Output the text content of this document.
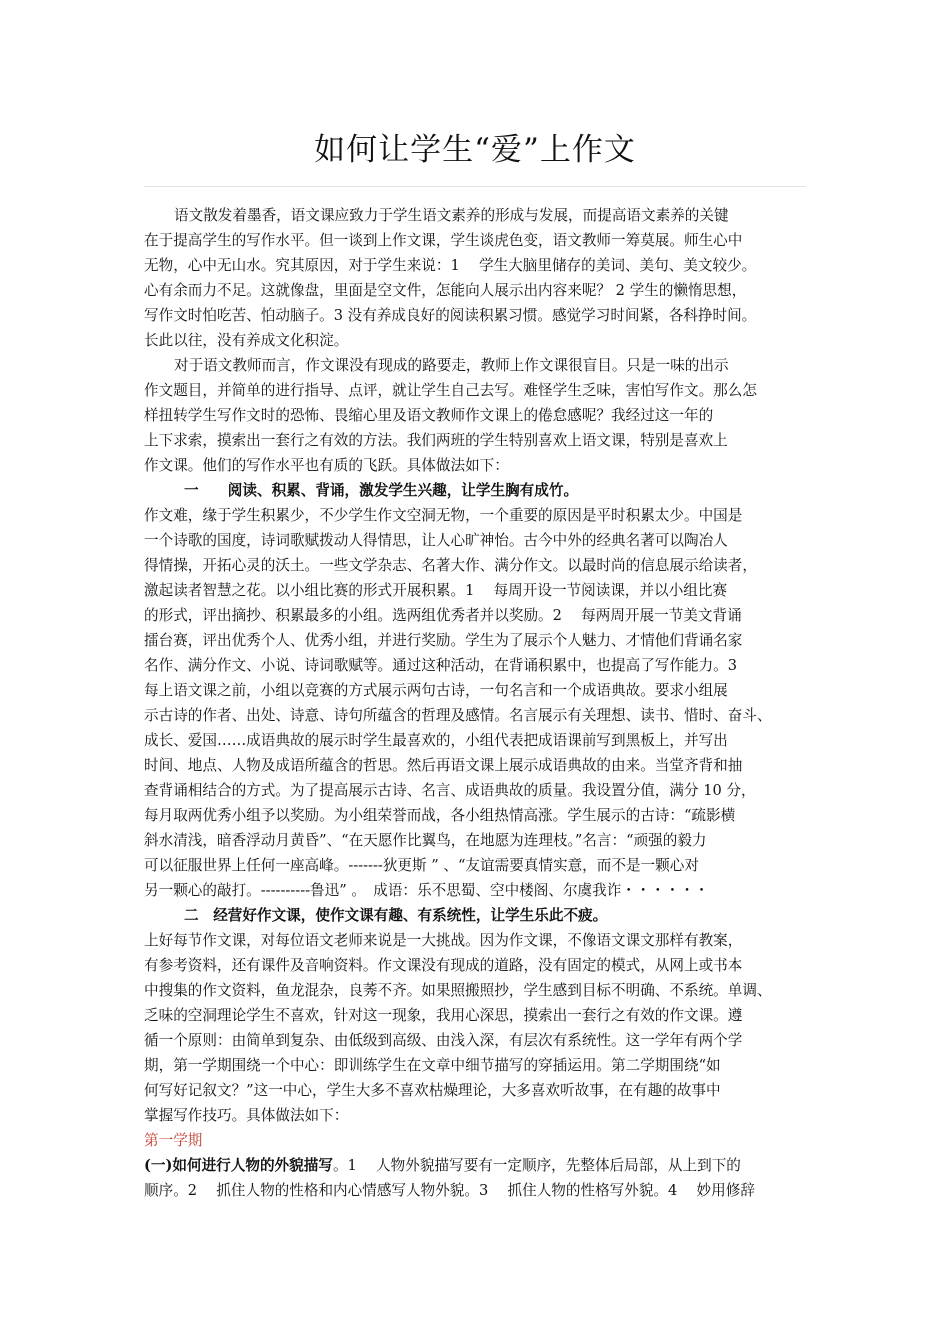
如何让学生“爱”上作文
语文散发着墨香，语文课应致力于学生语文素养的形成与发展，而提高语文素养的关键
在于提高学生的写作水平。但一谈到上作文课，学生谈虎色变，语文教师一筹莫展。师生心中
无物，心中无山水。究其原因，对于学生来说：1　 学生大脑里储存的美词、美句、美文较少。
心有余而力不足。这就像盘，里面是空文件，怎能向人展示出内容来呢？ 2 学生的懒惰思想，
写作文时怕吃苦、怕动脑子。3 没有养成良好的阅读积累习惯。感觉学习时间紧，各科挣时间。
长此以往，没有养成文化积淀。
对于语文教师而言，作文课没有现成的路要走，教师上作文课很盲目。只是一味的出示
作文题目，并简单的进行指导、点评，就让学生自己去写。难怪学生乏味，害怕写作文。那么怎
样扭转学生写作文时的恐怖、畏缩心里及语文教师作文课上的倦怠感呢？我经过这一年的
上下求索，摸索出一套行之有效的方法。我们两班的学生特别喜欢上语文课，特别是喜欢上
作文课。他们的写作水平也有质的飞跃。具体做法如下：
一　　阅读、积累、背诵，激发学生兴趣，让学生胸有成竹。
作文难，缘于学生积累少，不少学生作文空洞无物，一个重要的原因是平时积累太少。中国是
一个诗歌的国度，诗词歌赋拨动人得情思，让人心旷神怡。古今中外的经典名著可以陶冶人
得情操，开拓心灵的沃土。一些文学杂志、名著大作、满分作文。以最时尚的信息展示给读者，
激起读者智慧之花。以小组比赛的形式开展积累。1　 每周开设一节阅读课，并以小组比赛
的形式，评出摘抄、积累最多的小组。选两组优秀者并以奖励。2　 每两周开展一节美文背诵
擂台赛，评出优秀个人、优秀小组，并进行奖励。学生为了展示个人魅力、才情他们背诵名家
名作、满分作文、小说、诗词歌赋等。通过这种活动，在背诵积累中，也提高了写作能力。3
每上语文课之前，小组以竞赛的方式展示两句古诗，一句名言和一个成语典故。要求小组展
示古诗的作者、出处、诗意、诗句所蕴含的哲理及感情。名言展示有关理想、读书、惜时、奋斗、
成长、爱国……成语典故的展示时学生最喜欢的，小组代表把成语课前写到黑板上，并写出
时间、地点、人物及成语所蕴含的哲思。然后再语文课上展示成语典故的由来。当堂齐背和抽
查背诵相结合的方式。为了提高展示古诗、名言、成语典故的质量。我设置分值，满分 10 分，
每月取两优秀小组予以奖励。为小组荣誉而战，各小组热情高涨。学生展示的古诗：“疏影横
斜水清浅，暗香浮动月黄昏”、“在天愿作比翼鸟，在地愿为连理枝。”名言：“顽强的毅力
可以征服世界上任何一座高峰。-------狄更斯 ” 、“友谊需要真情实意，而不是一颗心对
另一颗心的敲打。----------鲁迅” 。　成语：乐不思蜀、空中楼阁、尔虞我诈・・・・・・
二　经营好作文课，使作文课有趣、有系统性，让学生乐此不疲。
上好每节作文课，对每位语文老师来说是一大挑战。因为作文课，不像语文课文那样有教案，
有参考资料，还有课件及音响资料。作文课没有现成的道路，没有固定的模式，从网上或书本
中搜集的作文资料，鱼龙混杂，良莠不齐。如果照搬照抄，学生感到目标不明确、不系统。单调、
乏味的空洞理论学生不喜欢，针对这一现象，我用心深思，摸索出一套行之有效的作文课。遵
循一个原则：由简单到复杂、由低级到高级、由浅入深，有层次有系统性。这一学年有两个学
期，第一学期围绕一个中心：即训练学生在文章中细节描写的穿插运用。第二学期围绕“如
何写好记叙文？”这一中心，学生大多不喜欢枯燥理论，大多喜欢听故事，在有趣的故事中
掌握写作技巧。具体做法如下：
第一学期
(一)如何进行人物的外貌描写。1　 人物外貌描写要有一定顺序，先整体后局部，从上到下的
顺序。2　 抓住人物的性格和内心情感写人物外貌。3　 抓住人物的性格写外貌。4　 妙用修辞
